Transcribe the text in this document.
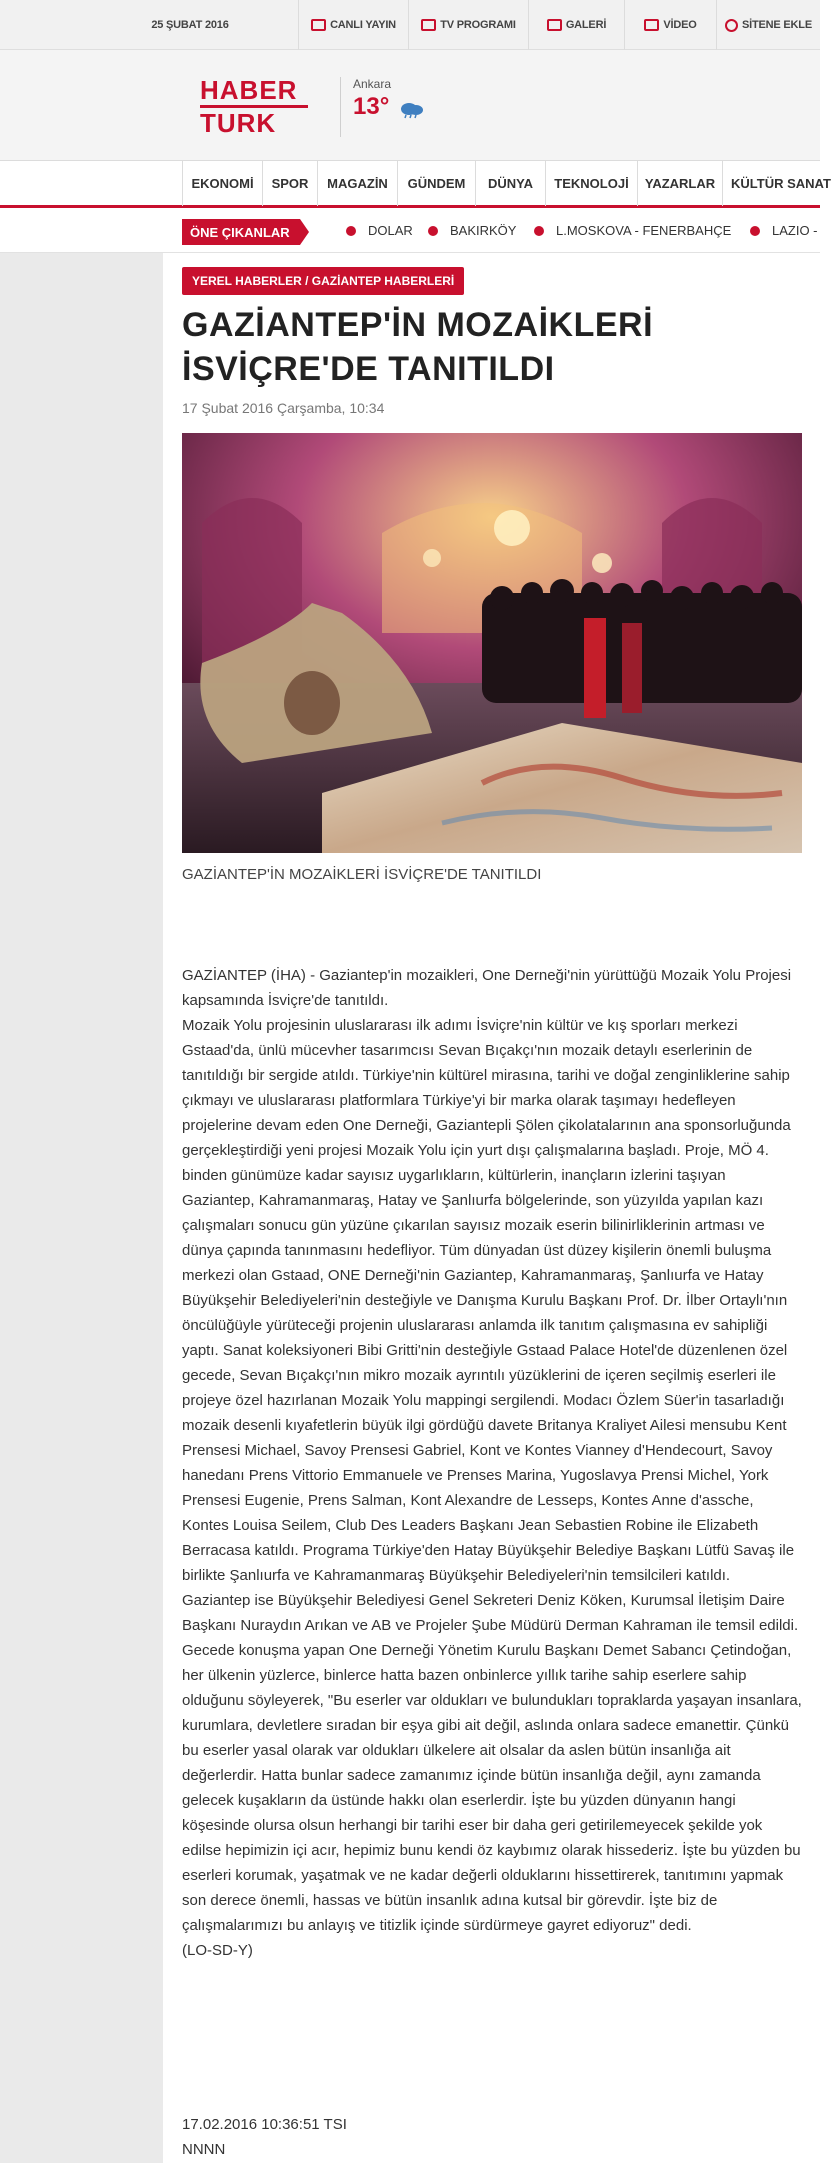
25 ŞUBAT 2016	CANLI YAYIN	TV PROGRAMI	GALERİ	VİDEO	SİTENE EKLE
HABER
TURK
Ankara
13°
EKONOMİ SPOR MAGAZİN GÜNDEM DÜNYA TEKNOLOJİ YAZARLAR KÜLTÜR SANAT
ÖNE ÇIKANLAR	DOLAR	BAKIRKÖY	L.MOSKOVA - FENERBAHÇE	LAZIO -
YEREL HABERLER / GAZİANTEP HABERLERİ
GAZİANTEP'İN MOZAİKLERİ
İSVİÇRE'DE TANITILDI
17 Şubat 2016 Çarşamba, 10:34
GAZİANTEP'İN MOZAİKLERİ İSVİÇRE'DE TANITILDI

GAZİANTEP (İHA) - Gaziantep'in mozaikleri, One Derneği'nin yürüttüğü Mozaik Yolu Projesi kapsamında İsviçre'de tanıtıldı.

Mozaik Yolu projesinin uluslararası ilk adımı İsviçre'nin kültür ve kış sporları merkezi Gstaad'da, ünlü mücevher tasarımcısı Sevan Bıçakçı'nın mozaik detaylı eserlerinin de tanıtıldığı bir sergide atıldı. Türkiye'nin kültürel mirasına, tarihi ve doğal zenginliklerine sahip çıkmayı ve uluslararası platformlara Türkiye'yi bir marka olarak taşımayı hedefleyen projelerine devam eden One Derneği, Gaziantepli Şölen çikolatalarının ana sponsorluğunda gerçekleştirdiği yeni projesi Mozaik Yolu için yurt dışı çalışmalarına başladı. Proje, MÖ 4. binden günümüze kadar sayısız uygarlıkların, kültürlerin, inançların izlerini taşıyan Gaziantep, Kahramanmaraş, Hatay ve Şanlıurfa bölgelerinde, son yüzyılda yapılan kazı çalışmaları sonucu gün yüzüne çıkarılan sayısız mozaik eserin bilinirliklerinin artması ve dünya çapında tanınmasını hedefliyor. Tüm dünyadan üst düzey kişilerin önemli buluşma merkezi olan Gstaad, ONE Derneği'nin Gaziantep, Kahramanmaraş, Şanlıurfa ve Hatay Büyükşehir Belediyeleri'nin desteğiyle ve Danışma Kurulu Başkanı Prof. Dr. İlber Ortaylı'nın öncülüğüyle yürüteceği projenin uluslararası anlamda ilk tanıtım çalışmasına ev sahipliği yaptı. Sanat koleksiyoneri Bibi Gritti'nin desteğiyle Gstaad Palace Hotel'de düzenlenen özel gecede, Sevan Bıçakçı'nın mikro mozaik ayrıntılı yüzüklerini de içeren seçilmiş eserleri ile projeye özel hazırlanan Mozaik Yolu mappingi sergilendi. Modacı Özlem Süer'in tasarladığı mozaik desenli kıyafetlerin büyük ilgi gördüğü davete Britanya Kraliyet Ailesi mensubu Kent Prensesi Michael, Savoy Prensesi Gabriel, Kont ve Kontes Vianney d'Hendecourt, Savoy hanedanı Prens Vittorio Emmanuele ve Prenses Marina, Yugoslavya Prensi Michel, York Prensesi Eugenie, Prens Salman, Kont Alexandre de Lesseps, Kontes Anne d'assche, Kontes Louisa Seilem, Club Des Leaders Başkanı Jean Sebastien Robine ile Elizabeth Berracasa katıldı. Programa Türkiye'den Hatay Büyükşehir Belediye Başkanı Lütfü Savaş ile birlikte Şanlıurfa ve Kahramanmaraş Büyükşehir Belediyeleri'nin temsilcileri katıldı. Gaziantep ise Büyükşehir Belediyesi Genel Sekreteri Deniz Köken, Kurumsal İletişim Daire Başkanı Nuraydın Arıkan ve AB ve Projeler Şube Müdürü Derman Kahraman ile temsil edildi. Gecede konuşma yapan One Derneği Yönetim Kurulu Başkanı Demet Sabancı Çetindoğan, her ülkenin yüzlerce, binlerce hatta bazen onbinlerce yıllık tarihe sahip eserlere sahip olduğunu söyleyerek, "Bu eserler var oldukları ve bulundukları topraklarda yaşayan insanlara, kurumlara, devletlere sıradan bir eşya gibi ait değil, aslında onlara sadece emanettir. Çünkü bu eserler yasal olarak var oldukları ülkelere ait olsalar da aslen bütün insanlığa ait değerlerdir. Hatta bunlar sadece zamanımız içinde bütün insanlığa değil, aynı zamanda gelecek kuşakların da üstünde hakkı olan eserlerdir. İşte bu yüzden dünyanın hangi köşesinde olursa olsun herhangi bir tarihi eser bir daha geri getirilemeyecek şekilde yok edilse hepimizin içi acır, hepimiz bunu kendi öz kaybımız olarak hissederiz. İşte bu yüzden bu eserleri korumak, yaşatmak ve ne kadar değerli olduklarını hissettirerek, tanıtımını yapmak son derece önemli, hassas ve bütün insanlık adına kutsal bir görevdir. İşte biz de çalışmalarımızı bu anlayış ve titizlik içinde sürdürmeye gayret ediyoruz" dedi.

(LO-SD-Y)

17.02.2016 10:36:51 TSI
NNNN
